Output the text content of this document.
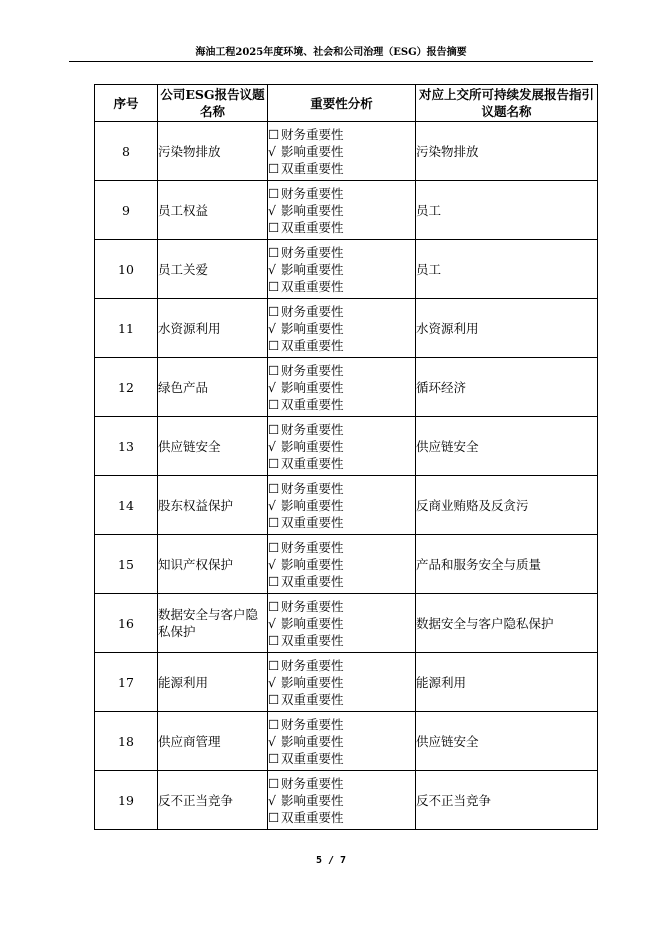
海油工程2025年度环境、社会和公司治理（ESG）报告摘要
序号	公司ESG报告议题名称	重要性分析	对应上交所可持续发展报告指引议题名称
8	污染物排放	☐ 财务重要性
√ 影响重要性
☐ 双重重要性	污染物排放
9	员工权益	☐ 财务重要性
√ 影响重要性
☐ 双重重要性	员工
10	员工关爱	☐ 财务重要性
√ 影响重要性
☐ 双重重要性	员工
11	水资源利用	☐ 财务重要性
√ 影响重要性
☐ 双重重要性	水资源利用
12	绿色产品	☐ 财务重要性
√ 影响重要性
☐ 双重重要性	循环经济
13	供应链安全	☐ 财务重要性
√ 影响重要性
☐ 双重重要性	供应链安全
14	股东权益保护	☐ 财务重要性
√ 影响重要性
☐ 双重重要性	反商业贿赂及反贪污
15	知识产权保护	☐ 财务重要性
√ 影响重要性
☐ 双重重要性	产品和服务安全与质量
16	数据安全与客户隐私保护	☐ 财务重要性
√ 影响重要性
☐ 双重重要性	数据安全与客户隐私保护
17	能源利用	☐ 财务重要性
√ 影响重要性
☐ 双重重要性	能源利用
18	供应商管理	☐ 财务重要性
√ 影响重要性
☐ 双重重要性	供应链安全
19	反不正当竞争	☐ 财务重要性
√ 影响重要性
☐ 双重重要性	反不正当竞争
5 / 7
